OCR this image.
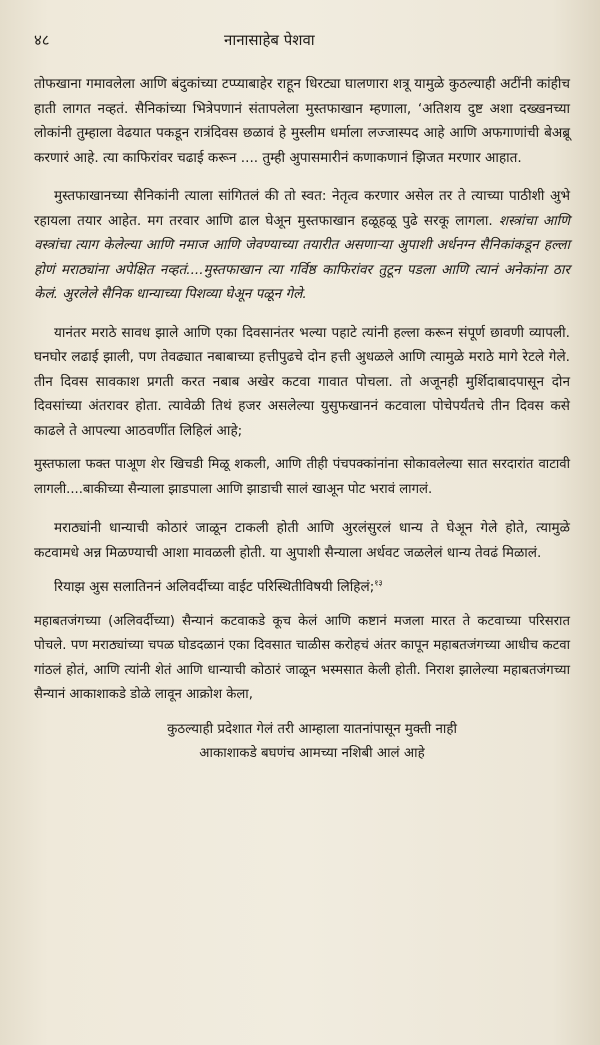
४८	नानासाहेब पेशवा

तोफखाना गमावलेला आणि बंदुकांच्या टप्प्याबाहेर राहून धिरट्या घालणारा शत्रू यामुळे कुठल्याही अटींनी कांहीच हाती लागत नव्हतं. सैनिकांच्या भित्रेपणानं संतापलेला मुस्तफाखान म्हणाला, ‘अतिशय दुष्ट अशा दख्खनच्या लोकांनी तुम्हाला वेढयात पकडून रात्रंदिवस छळावं हे मुस्लीम धर्माला लज्जास्पद आहे आणि अफगाणांची बेअब्रू करणारं आहे. त्या काफिरांवर चढाई करून .... तुम्ही अुपासमारीनं कणाकणानं झिजत मरणार आहात.

मुस्तफाखानच्या सैनिकांनी त्याला सांगितलं की तो स्वत: नेतृत्व करणार असेल तर ते त्याच्या पाठीशी अुभे रहायला तयार आहेत. मग तरवार आणि ढाल घेअून मुस्तफाखान हळूहळू पुढे सरकू लागला. शस्त्रांचा आणि वस्त्रांचा त्याग केलेल्या आणि नमाज आणि जेवण्याच्या तयारीत असणाऱ्या अुपाशी अर्धनग्न सैनिकांकडून हल्ला होणं मराठ्यांना अपेक्षित नव्हतं....मुस्तफाखान त्या गर्विष्ठ काफिरांवर तुटून पडला आणि त्यानं अनेकांना ठार केलं. अुरलेले सैनिक धान्याच्या पिशव्या घेअून पळून गेले.

यानंतर मराठे सावध झाले आणि एका दिवसानंतर भल्या पहाटे त्यांनी हल्ला करून संपूर्ण छावणी व्यापली. घनघोर लढाई झाली, पण तेवढ्यात नबाबाच्या हत्तीपुढचे दोन हत्ती अुधळले आणि त्यामुळे मराठे मागे रेटले गेले. तीन दिवस सावकाश प्रगती करत नबाब अखेर कटवा गावात पोचला. तो अजूनही मुर्शिदाबादपासून दोन दिवसांच्या अंतरावर होता. त्यावेळी तिथं हजर असलेल्या युसुफखाननं कटवाला पोचेपर्यंतचे तीन दिवस कसे काढले ते आपल्या आठवणींत लिहिलं आहे;

मुस्तफाला फक्त पाअूण शेर खिचडी मिळू शकली, आणि तीही पंचपक्कांनांना सोकावलेल्या सात सरदारांत वाटावी लागली....बाकीच्या सैन्याला झाडपाला आणि झाडाची सालं खाअून पोट भरावं लागलं.

मराठ्यांनी धान्याची कोठारं जाळून टाकली होती आणि अुरलंसुरलं धान्य ते घेअून गेले होते, त्यामुळे कटवामधे अन्न मिळण्याची आशा मावळली होती. या अुपाशी सैन्याला अर्धवट जळलेलं धान्य तेवढं मिळालं.

रियाझ अुस सलातिननं अलिवर्दीच्या वाईट परिस्थितीविषयी लिहिलं;$^{१३}$

महाबतजंगच्या (अलिवर्दीच्या) सैन्यानं कटवाकडे कूच केलं आणि कष्टानं मजला मारत ते कटवाच्या परिसरात पोचले. पण मराठ्यांच्या चपळ घोडदळानं एका दिवसात चाळीस करोहचं अंतर कापून महाबतजंगच्या आधीच कटवा गांठलं होतं, आणि त्यांनी शेतं आणि धान्याची कोठारं जाळून भस्मसात केली होती. निराश झालेल्या महाबतजंगच्या सैन्यानं आकाशाकडे डोळे लावून आक्रोश केला,

कुठल्याही प्रदेशात गेलं तरी आम्हाला यातनांपासून मुक्ती नाही
आकाशाकडे बघणंच आमच्या नशिबी आलं आहे
